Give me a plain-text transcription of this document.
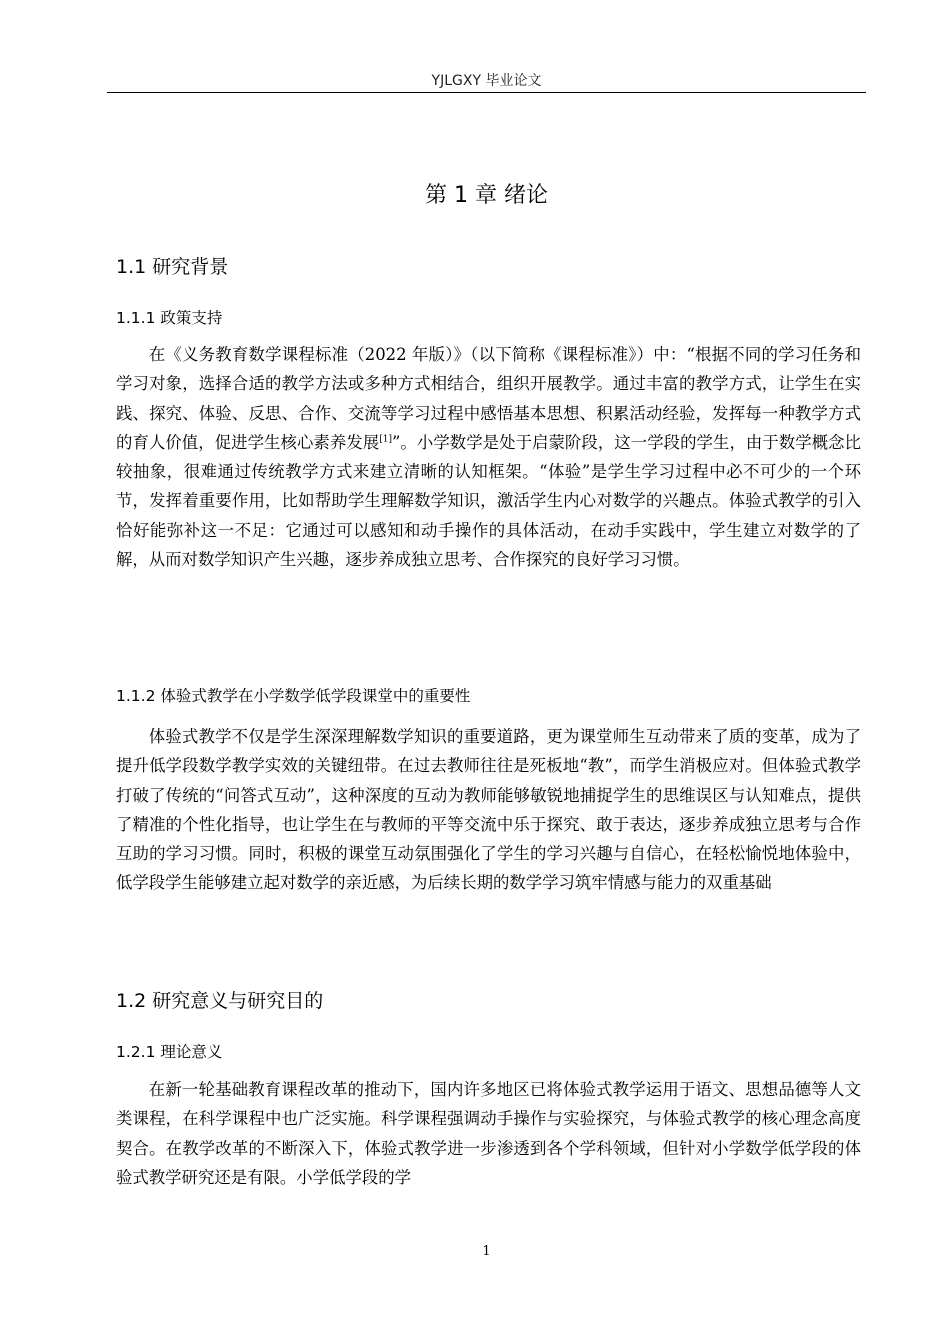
YJLGXY 毕业论文
第 1 章 绪论
1.1 研究背景
1.1.1 政策支持

在《义务教育数学课程标准（2022 年版）》（以下简称《课程标准》）中：“根据不同的学习任务和学习对象，选择合适的教学方法或多种方式相结合，组织开展教学。通过丰富的教学方式，让学生在实践、探究、体验、反思、合作、交流等学习过程中感悟基本思想、积累活动经验，发挥每一种教学方式的育人价值，促进学生核心素养发展[1]”。小学数学是处于启蒙阶段，这一学段的学生，由于数学概念比较抽象，很难通过传统教学方式来建立清晰的认知框架。“体验”是学生学习过程中必不可少的一个环节，发挥着重要作用，比如帮助学生理解数学知识，激活学生内心对数学的兴趣点。体验式教学的引入恰好能弥补这一不足：它通过可以感知和动手操作的具体活动，在动手实践中，学生建立对数学的了解，从而对数学知识产生兴趣，逐步养成独立思考、合作探究的良好学习习惯。

1.1.2 体验式教学在小学数学低学段课堂中的重要性

体验式教学不仅是学生深深理解数学知识的重要道路，更为课堂师生互动带来了质的变革，成为了提升低学段数学教学实效的关键纽带。在过去教师往往是死板地“教”，而学生消极应对。但体验式教学打破了传统的“问答式互动”，这种深度的互动为教师能够敏锐地捕捉学生的思维误区与认知难点，提供了精准的个性化指导，也让学生在与教师的平等交流中乐于探究、敢于表达，逐步养成独立思考与合作互助的学习习惯。同时，积极的课堂互动氛围强化了学生的学习兴趣与自信心，在轻松愉悦地体验中，低学段学生能够建立起对数学的亲近感，为后续长期的数学学习筑牢情感与能力的双重基础

1.2 研究意义与研究目的
1.2.1 理论意义

在新一轮基础教育课程改革的推动下，国内许多地区已将体验式教学运用于语文、思想品德等人文类课程，在科学课程中也广泛实施。科学课程强调动手操作与实验探究，与体验式教学的核心理念高度契合。在教学改革的不断深入下，体验式教学进一步渗透到各个学科领域，但针对小学数学低学段的体验式教学研究还是有限。小学低学段的学

1
